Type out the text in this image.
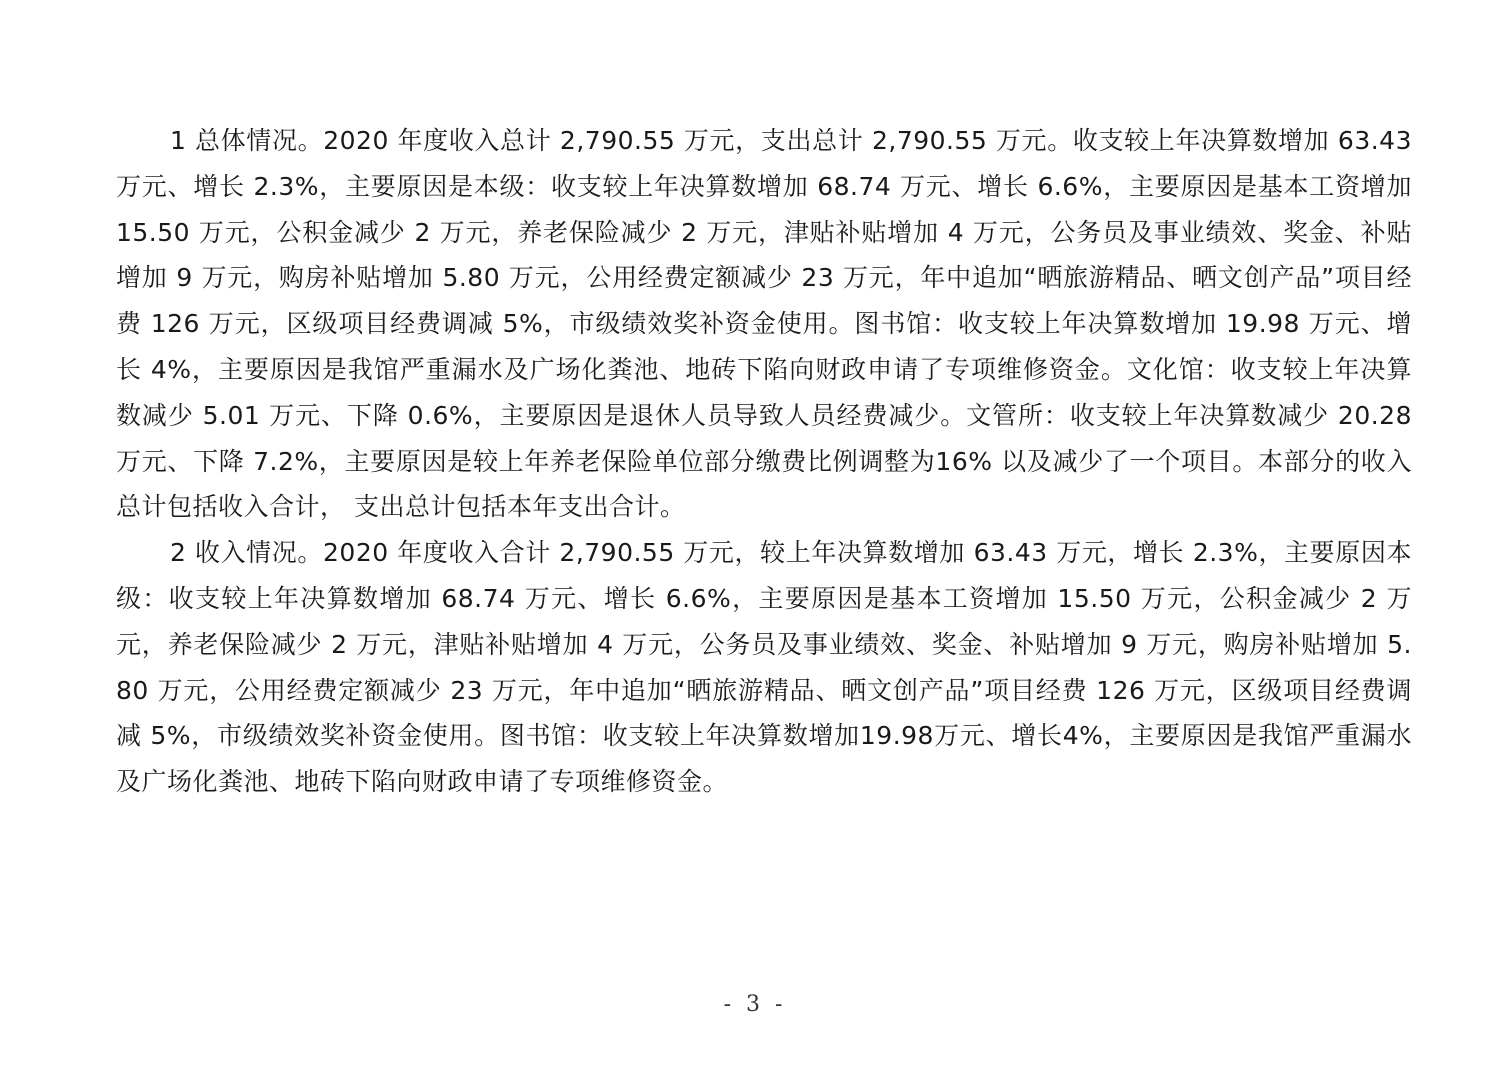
1 总体情况。2020 年度收入总计 2,790.55 万元，支出总计 2,790.55 万元。收支较上年决算数增加 63.43 万元、增长 2.3%，主要原因是本级：收支较上年决算数增加 68.74 万元、增长 6.6%，主要原因是基本工资增加 15.50 万元，公积金减少 2 万元，养老保险减少 2 万元，津贴补贴增加 4 万元，公务员及事业绩效、奖金、补贴增加 9 万元，购房补贴增加 5.80 万元，公用经费定额减少 23 万元，年中追加“晒旅游精品、晒文创产品”项目经费 126 万元，区级项目经费调减 5%，市级绩效奖补资金使用。图书馆：收支较上年决算数增加 19.98 万元、增长 4%，主要原因是我馆严重漏水及广场化粪池、地砖下陷向财政申请了专项维修资金。文化馆：收支较上年决算数减少 5.01 万元、下降 0.6%，主要原因是退休人员导致人员经费减少。文管所：收支较上年决算数减少 20.28 万元、下降 7.2%，主要原因是较上年养老保险单位部分缴费比例调整为16% 以及减少了一个项目。本部分的收入总计包括收入合计， 支出总计包括本年支出合计。

2 收入情况。2020 年度收入合计 2,790.55 万元，较上年决算数增加 63.43 万元，增长 2.3%，主要原因本级：收支较上年决算数增加 68.74 万元、增长 6.6%，主要原因是基本工资增加 15.50 万元，公积金减少 2 万元，养老保险减少 2 万元，津贴补贴增加 4 万元，公务员及事业绩效、奖金、补贴增加 9 万元，购房补贴增加 5.80 万元，公用经费定额减少 23 万元，年中追加“晒旅游精品、晒文创产品”项目经费 126 万元，区级项目经费调减 5%，市级绩效奖补资金使用。图书馆：收支较上年决算数增加19.98万元、增长4%，主要原因是我馆严重漏水及广场化粪池、地砖下陷向财政申请了专项维修资金。

- 3 -
